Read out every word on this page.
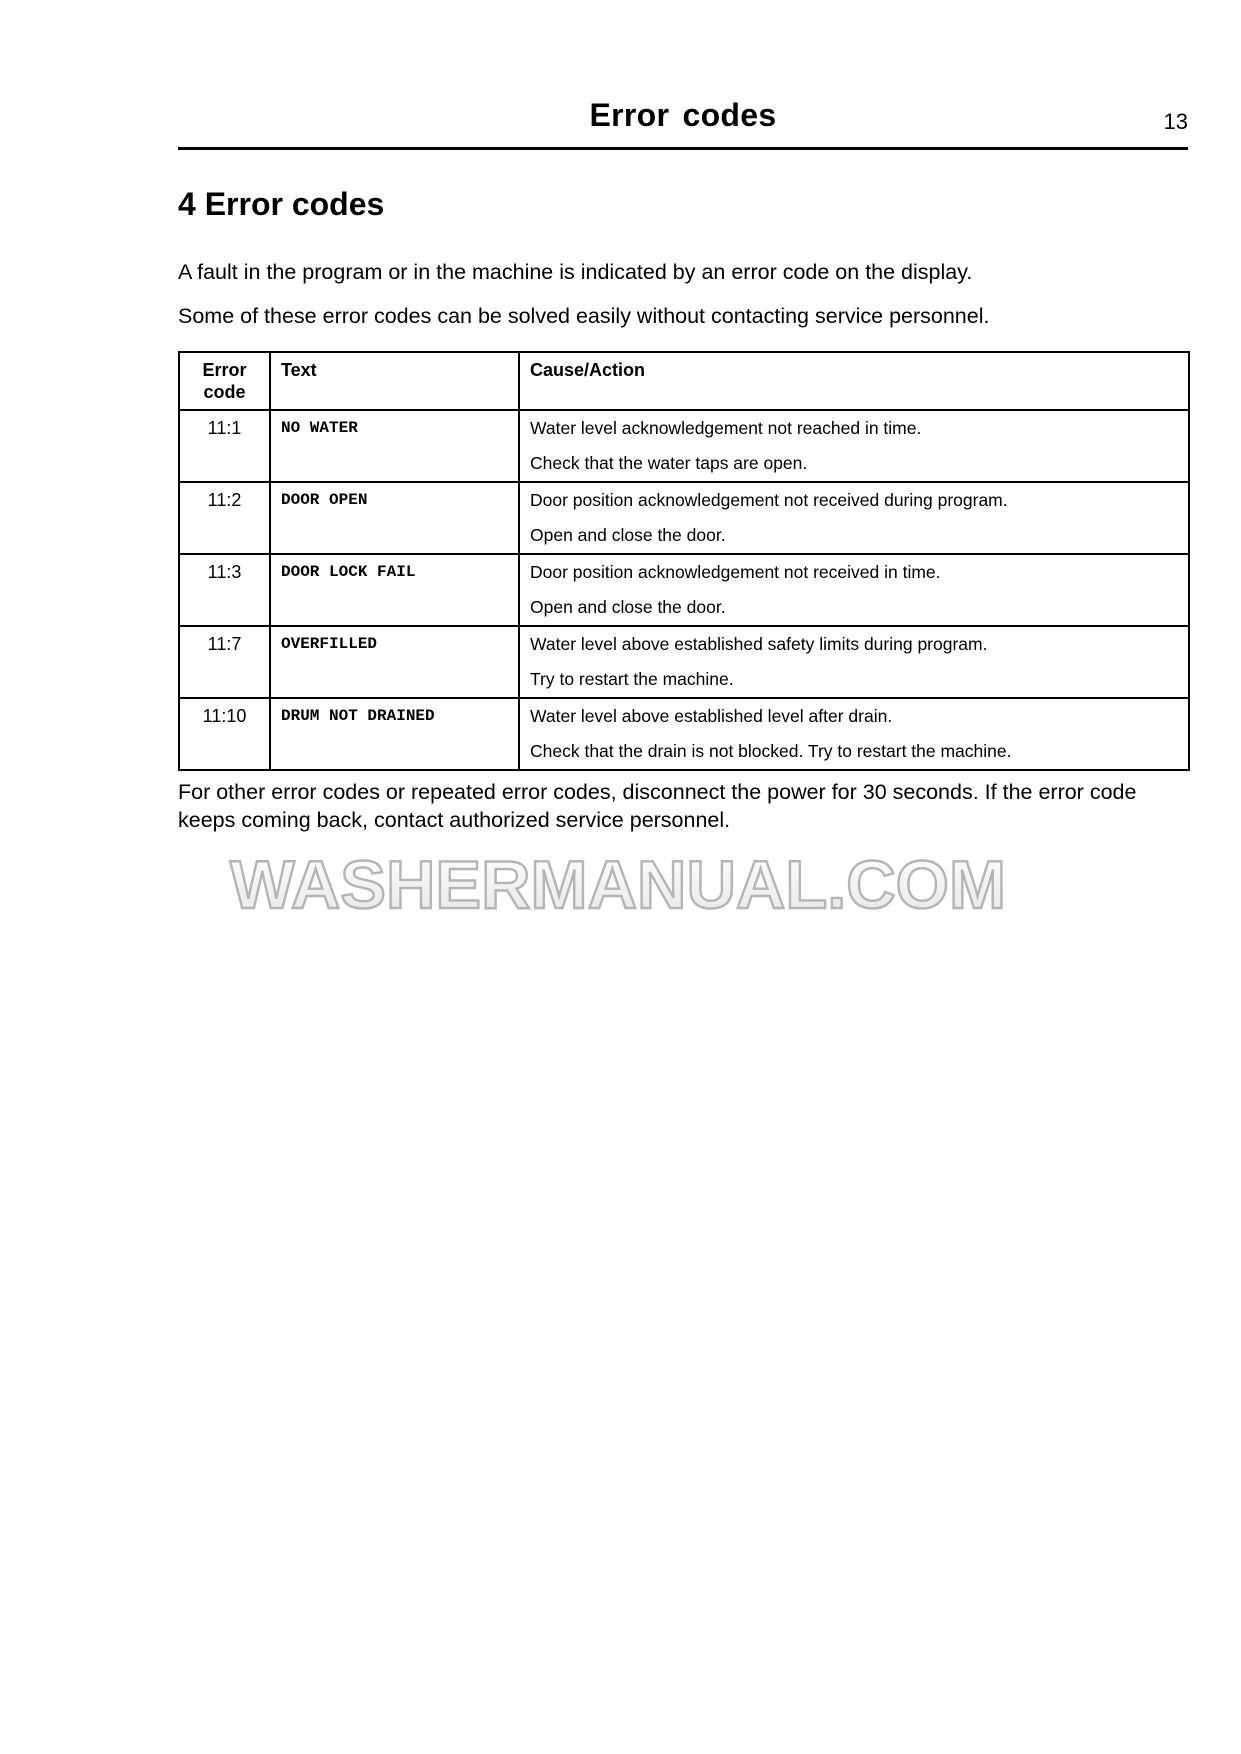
Error codes	13
4 Error codes

A fault in the program or in the machine is indicated by an error code on the display.

Some of these error codes can be solved easily without contacting service personnel.

Error code	Text	Cause/Action
11:1	NO WATER	Water level acknowledgement not reached in time.
Check that the water taps are open.

11:2	DOOR OPEN	Door position acknowledgement not received during program.
Open and close the door.

11:3	DOOR LOCK FAIL	Door position acknowledgement not received in time.
Open and close the door.

11:7	OVERFILLED	Water level above established safety limits during program.
Try to restart the machine.

11:10	DRUM NOT DRAINED	Water level above established level after drain.
Check that the drain is not blocked. Try to restart the machine.

For other error codes or repeated error codes, disconnect the power for 30 seconds. If the error code keeps coming back, contact authorized service personnel.

WASHERMANUAL.COM
